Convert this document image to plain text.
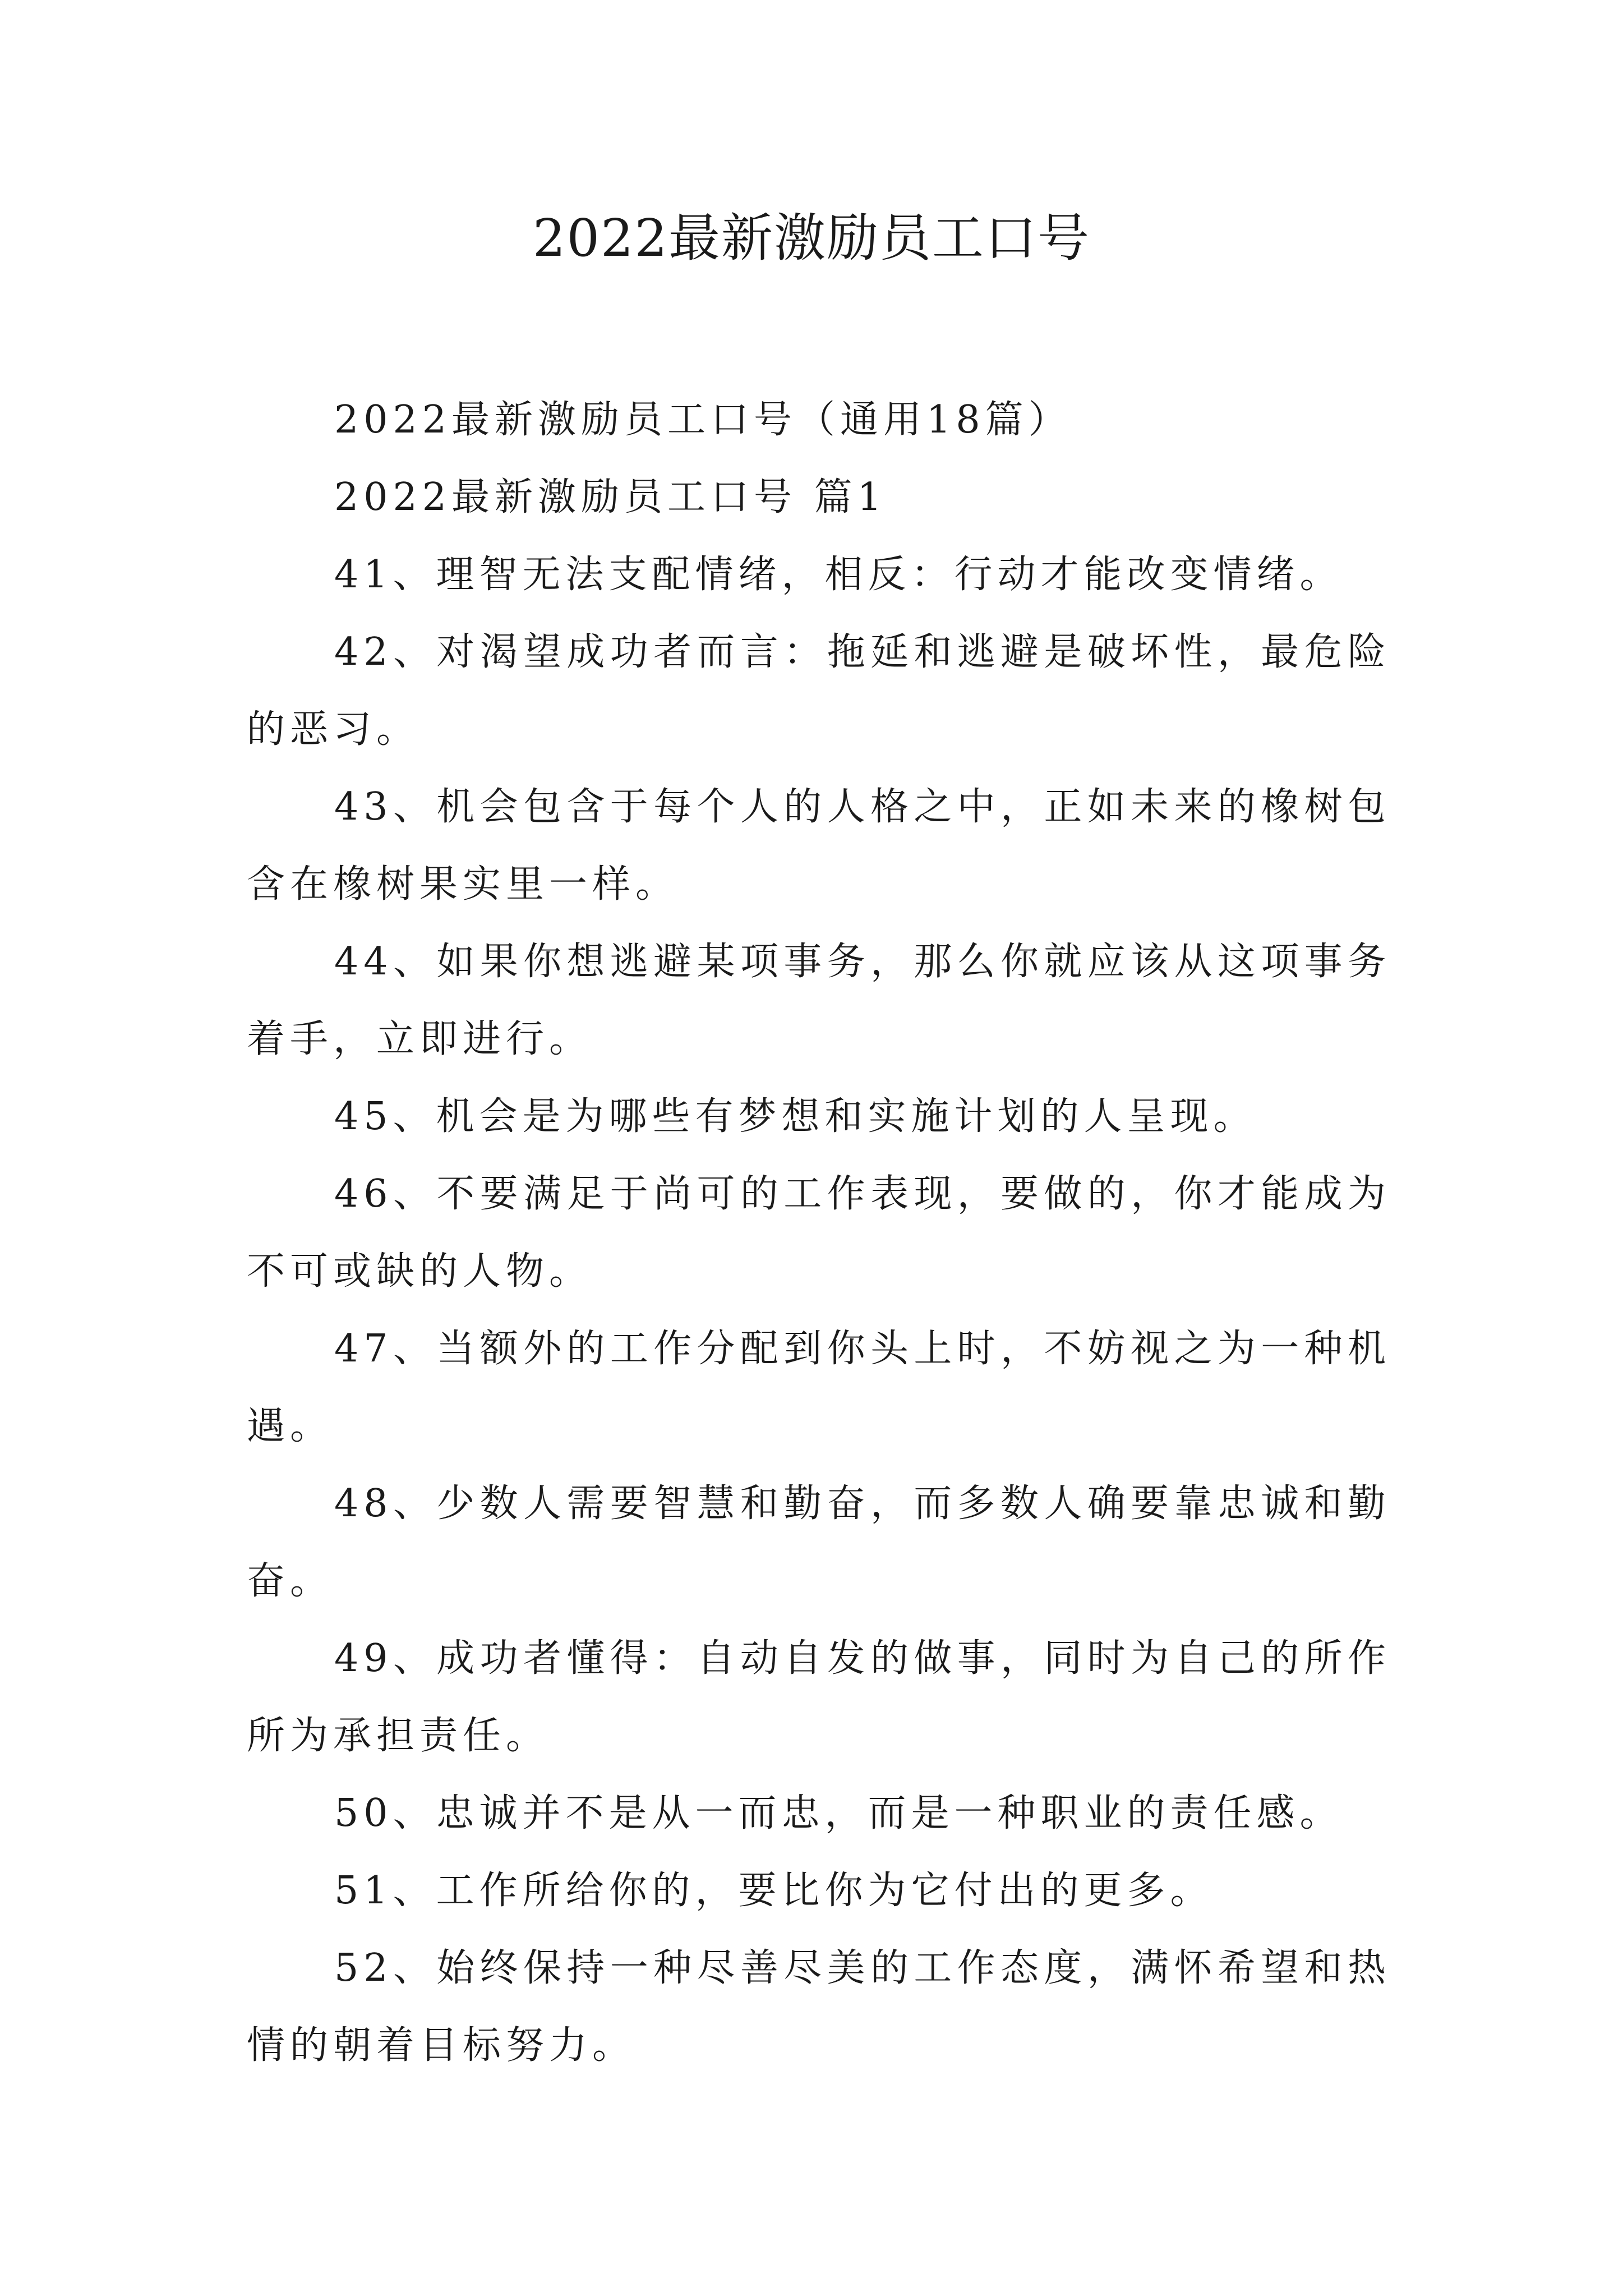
2022最新激励员工口号

2022最新激励员工口号（通用18篇）

2022最新激励员工口号 篇1

41、理智无法支配情绪，相反：行动才能改变情绪。

42、对渴望成功者而言：拖延和逃避是破坏性，最危险的恶习。

43、机会包含于每个人的人格之中，正如未来的橡树包含在橡树果实里一样。

44、如果你想逃避某项事务，那么你就应该从这项事务着手，立即进行。

45、机会是为哪些有梦想和实施计划的人呈现。

46、不要满足于尚可的工作表现，要做的，你才能成为不可或缺的人物。

47、当额外的工作分配到你头上时，不妨视之为一种机遇。

48、少数人需要智慧和勤奋，而多数人确要靠忠诚和勤奋。

49、成功者懂得：自动自发的做事，同时为自己的所作所为承担责任。

50、忠诚并不是从一而忠，而是一种职业的责任感。

51、工作所给你的，要比你为它付出的更多。

52、始终保持一种尽善尽美的工作态度，满怀希望和热情的朝着目标努力。
